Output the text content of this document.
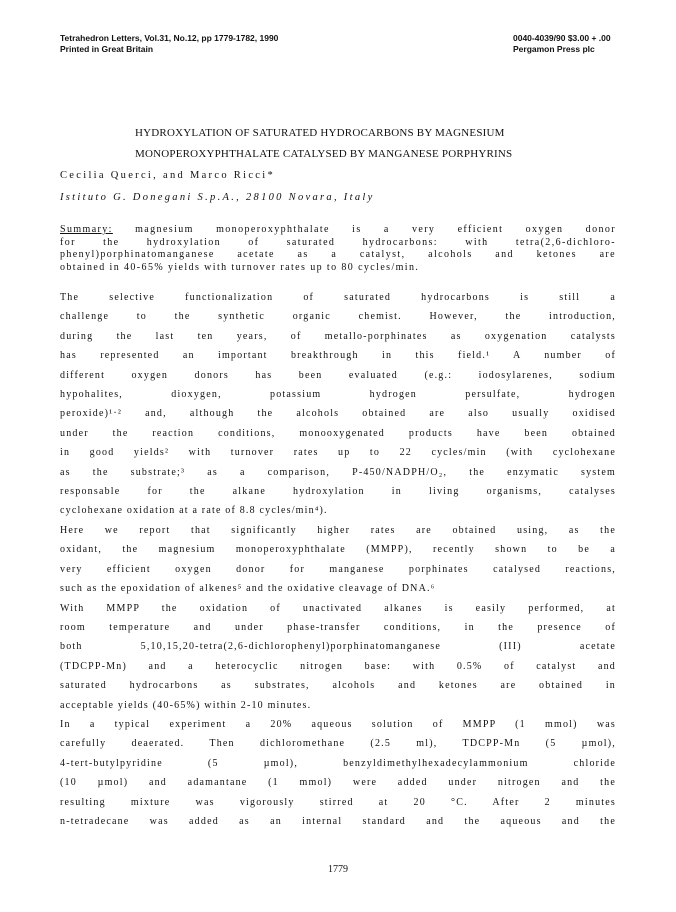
Tetrahedron Letters, Vol.31, No.12, pp 1779-1782, 1990
Printed in Great Britain
0040-4039/90 $3.00 + .00
Pergamon Press plc
HYDROXYLATION OF SATURATED HYDROCARBONS BY MAGNESIUM
MONOPEROXYPHTHALATE CATALYSED BY MANGANESE PORPHYRINS
Cecilia Querci, and Marco Ricci*
Istituto G. Donegani S.p.A., 28100 Novara, Italy
Summary: magnesium monoperoxyphthalate is a very efficient oxygen donor
for the hydroxylation of saturated hydrocarbons: with tetra(2,6-dichloro-
phenyl)porphinatomanganese acetate as a catalyst, alcohols and ketones are
obtained in 40-65% yields with turnover rates up to 80 cycles/min.
The selective functionalization of saturated hydrocarbons is still a
challenge to the synthetic organic chemist. However, the introduction,
during the last ten years, of metallo-porphinates as oxygenation catalysts
has represented an important breakthrough in this field.¹ A number of
different oxygen donors has been evaluated (e.g.: iodosylarenes, sodium
hypohalites, dioxygen, potassium hydrogen persulfate, hydrogen
peroxide)¹·² and, although the alcohols obtained are also usually oxidised
under the reaction conditions, monooxygenated products have been obtained
in good yields² with turnover rates up to 22 cycles/min (with cyclohexane
as the substrate;³ as a comparison, P-450/NADPH/O₂, the enzymatic system
responsable for the alkane hydroxylation in living organisms, catalyses
cyclohexane oxidation at a rate of 8.8 cycles/min⁴).
Here we report that significantly higher rates are obtained using, as the
oxidant, the magnesium monoperoxyphthalate (MMPP), recently shown to be a
very efficient oxygen donor for manganese porphinates catalysed reactions,
such as the epoxidation of alkenes⁵ and the oxidative cleavage of DNA.⁶
With MMPP the oxidation of unactivated alkanes is easily performed, at
room temperature and under phase-transfer conditions, in the presence of
both 5,10,15,20-tetra(2,6-dichlorophenyl)porphinatomanganese (III) acetate
(TDCPP-Mn) and a heterocyclic nitrogen base: with 0.5% of catalyst and
saturated hydrocarbons as substrates, alcohols and ketones are obtained in
acceptable yields (40-65%) within 2-10 minutes.
In a typical experiment a 20% aqueous solution of MMPP (1 mmol) was
carefully deaerated. Then dichloromethane (2.5 ml), TDCPP-Mn (5 µmol),
4-tert-butylpyridine (5 µmol), benzyldimethylhexadecylammonium chloride
(10 µmol) and adamantane (1 mmol) were added under nitrogen and the
resulting mixture was vigorously stirred at 20 °C. After 2 minutes
n-tetradecane was added as an internal standard and the aqueous and the
1779
